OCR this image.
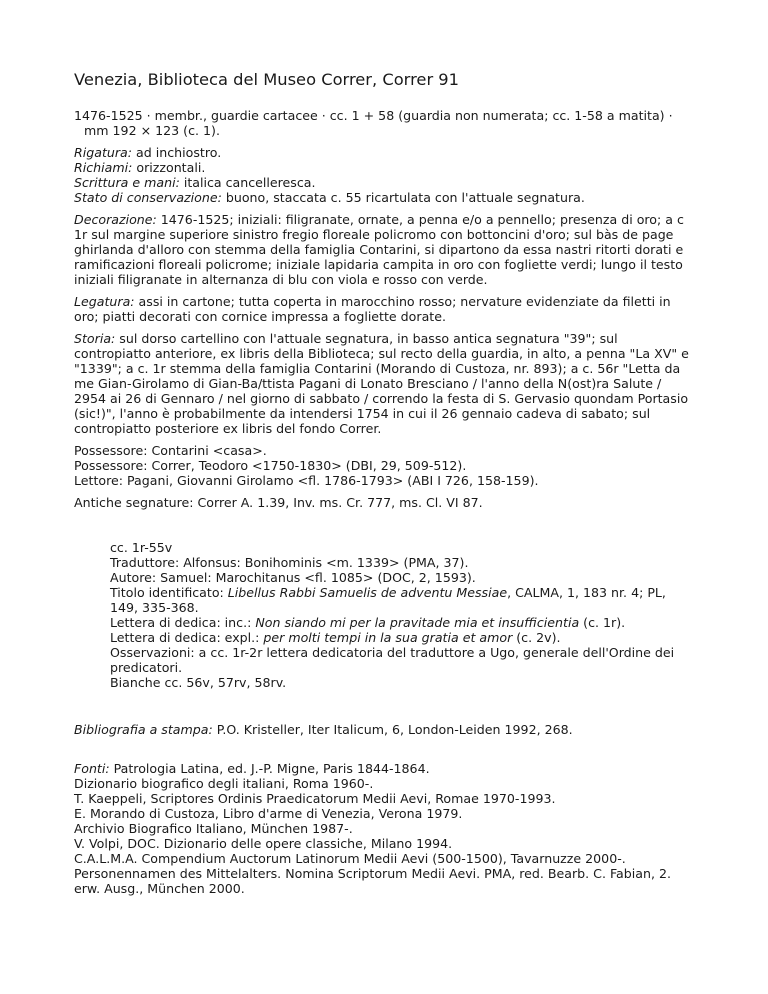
Venezia, Biblioteca del Museo Correr, Correr 91
1476-1525 · membr., guardie cartacee · cc. 1 + 58 (guardia non numerata; cc. 1-58 a matita) ·
mm 192 × 123 (c. 1).

Rigatura: ad inchiostro.

Richiami: orizzontali.

Scrittura e mani: italica cancelleresca.

Stato di conservazione: buono, staccata c. 55 ricartulata con l'attuale segnatura.

Decorazione: 1476-1525; iniziali: filigranate, ornate, a penna e/o a pennello; presenza di oro; a c 1r sul margine superiore sinistro fregio floreale policromo con bottoncini d'oro; sul bàs de page ghirlanda d'alloro con stemma della famiglia Contarini, si dipartono da essa nastri ritorti dorati e ramificazioni floreali policrome; iniziale lapidaria campita in oro con fogliette verdi; lungo il testo iniziali filigranate in alternanza di blu con viola e rosso con verde.

Legatura: assi in cartone; tutta coperta in marocchino rosso; nervature evidenziate da filetti in oro; piatti decorati con cornice impressa a fogliette dorate.

Storia: sul dorso cartellino con l'attuale segnatura, in basso antica segnatura "39"; sul contropiatto anteriore, ex libris della Biblioteca; sul recto della guardia, in alto, a penna "La XV" e "1339"; a c. 1r stemma della famiglia Contarini (Morando di Custoza, nr. 893); a c. 56r "Letta da me Gian-Girolamo di Gian-Ba/ttista Pagani di Lonato Bresciano / l'anno della N(ost)ra Salute / 2954 ai 26 di Gennaro / nel giorno di sabbato / correndo la festa di S. Gervasio quondam Portasio (sic!)", l'anno è probabilmente da intendersi 1754 in cui il 26 gennaio cadeva di sabato; sul contropiatto posteriore ex libris del fondo Correr.

Possessore: Contarini <casa>.

Possessore: Correr, Teodoro <1750-1830> (DBI, 29, 509-512).

Lettore: Pagani, Giovanni Girolamo <fl. 1786-1793> (ABI I 726, 158-159).

Antiche segnature: Correr A. 1.39, Inv. ms. Cr. 777, ms. Cl. VI 87.

cc. 1r-55v

Traduttore: Alfonsus: Bonihominis <m. 1339> (PMA, 37).

Autore: Samuel: Marochitanus <fl. 1085> (DOC, 2, 1593).

Titolo identificato: Libellus Rabbi Samuelis de adventu Messiae, CALMA, 1, 183 nr. 4; PL, 149, 335-368.

Lettera di dedica: inc.: Non siando mi per la pravitade mia et insufficientia (c. 1r).

Lettera di dedica: expl.: per molti tempi in la sua gratia et amor (c. 2v).

Osservazioni: a cc. 1r-2r lettera dedicatoria del traduttore a Ugo, generale dell'Ordine dei predicatori.

Bianche cc. 56v, 57rv, 58rv.

Bibliografia a stampa: P.O. Kristeller, Iter Italicum, 6, London-Leiden 1992, 268.

Fonti: Patrologia Latina, ed. J.-P. Migne, Paris 1844-1864.

Dizionario biografico degli italiani, Roma 1960-.

T. Kaeppeli, Scriptores Ordinis Praedicatorum Medii Aevi, Romae 1970-1993.

E. Morando di Custoza, Libro d'arme di Venezia, Verona 1979.

Archivio Biografico Italiano, München 1987-.

V. Volpi, DOC. Dizionario delle opere classiche, Milano 1994.

C.A.L.M.A. Compendium Auctorum Latinorum Medii Aevi (500-1500), Tavarnuzze 2000-.

Personennamen des Mittelalters. Nomina Scriptorum Medii Aevi. PMA, red. Bearb. C. Fabian, 2. erw. Ausg., München 2000.
